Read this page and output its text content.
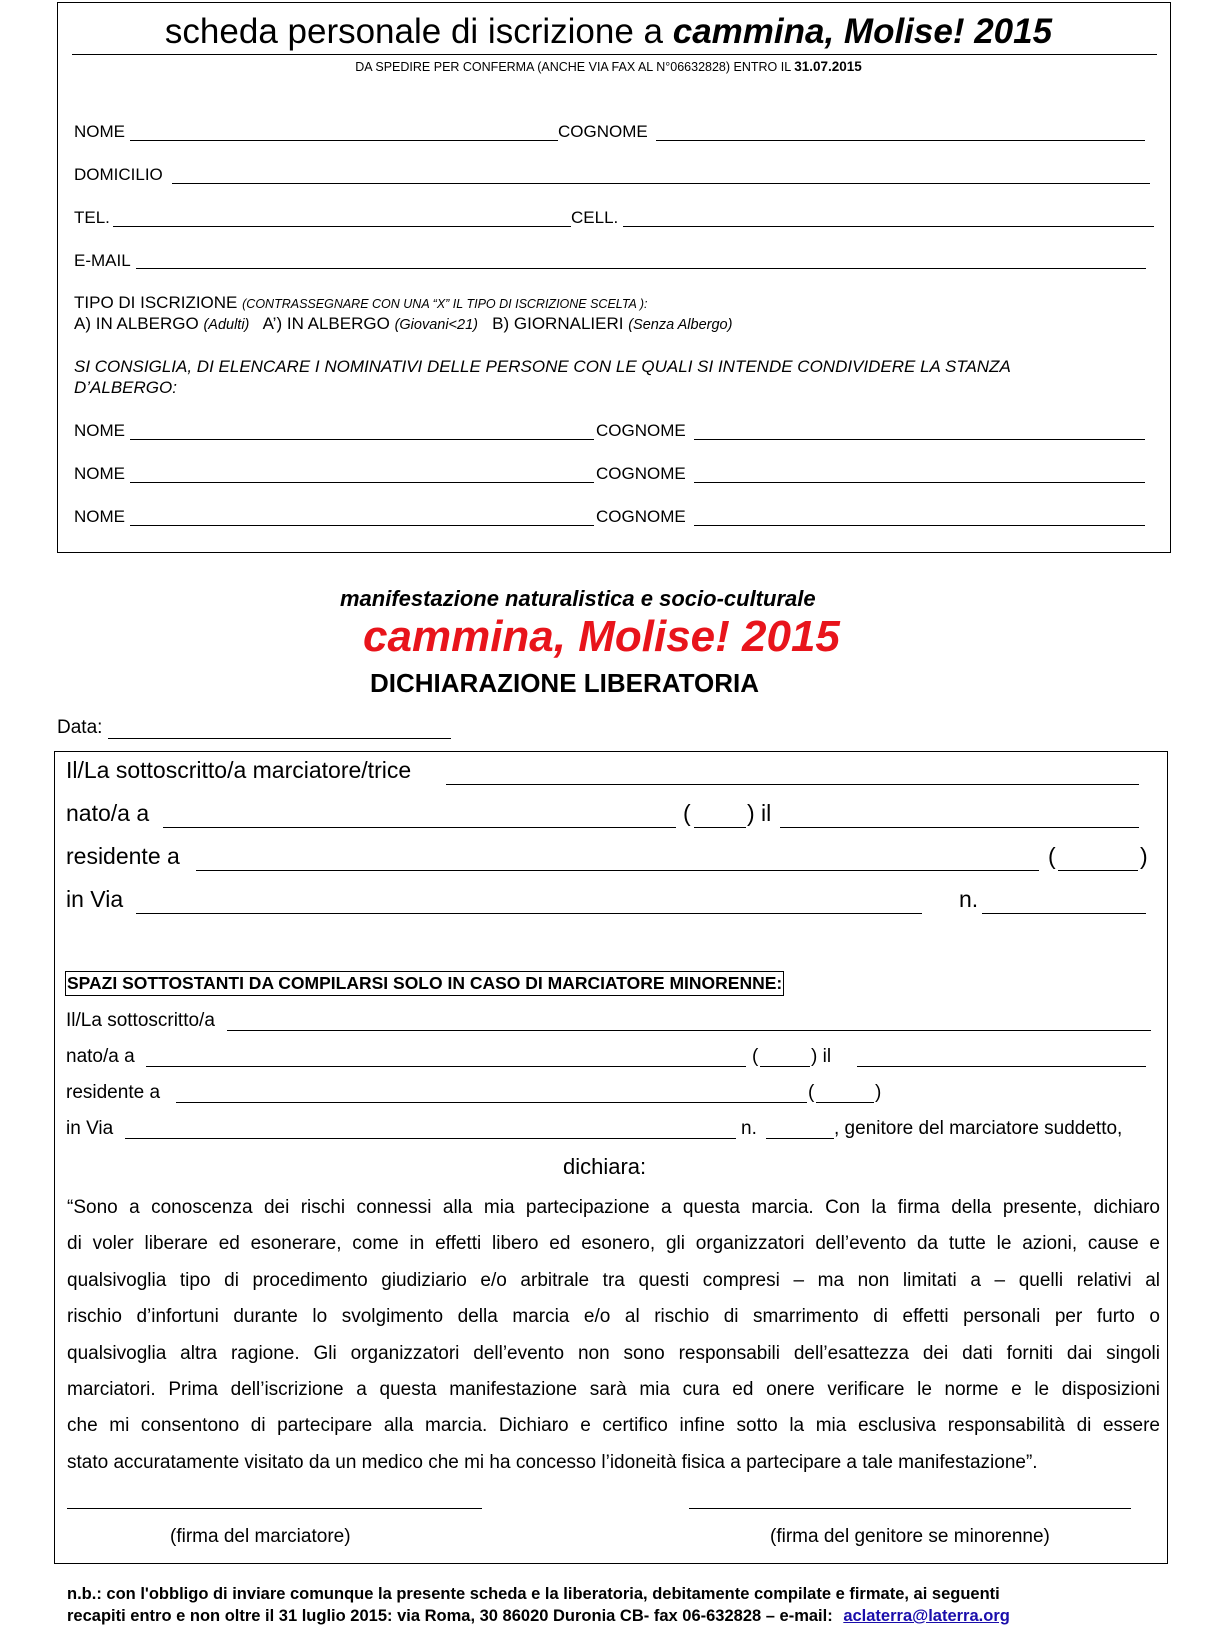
scheda personale di iscrizione a cammina, Molise! 2015
DA SPEDIRE PER CONFERMA (ANCHE VIA FAX AL N°06632828) ENTRO IL 31.07.2015
NOME	COGNOME
DOMICILIO
TEL.	CELL.
E-MAIL
TIPO DI ISCRIZIONE (CONTRASSEGNARE CON UNA “X” IL TIPO DI ISCRIZIONE SCELTA ):
A) IN ALBERGO (Adulti) A’) IN ALBERGO (Giovani<21) B) GIORNALIERI (Senza Albergo)
SI CONSIGLIA, DI ELENCARE I NOMINATIVI DELLE PERSONE CON LE QUALI SI INTENDE CONDIVIDERE LA STANZA
D’ALBERGO:
NOME	COGNOME
NOME	COGNOME
NOME	COGNOME
manifestazione naturalistica e socio-culturale
cammina, Molise! 2015
DICHIARAZIONE LIBERATORIA
Data:
Il/La sottoscritto/a marciatore/trice
nato/a a	( ) il
residente a	(	)
in Via	n.
SPAZI SOTTOSTANTI DA COMPILARSI SOLO IN CASO DI MARCIATORE MINORENNE:
Il/La sottoscritto/a
nato/a a	(	) il
residente a	(	)
in Via	n.	, genitore del marciatore suddetto,
dichiara:
“Sono a conoscenza dei rischi connessi alla mia partecipazione a questa marcia. Con la firma della presente, dichiaro
di voler liberare ed esonerare, come in effetti libero ed esonero, gli organizzatori dell’evento da tutte le azioni, cause e
qualsivoglia tipo di procedimento giudiziario e/o arbitrale tra questi compresi – ma non limitati a – quelli relativi al
rischio d’infortuni durante lo svolgimento della marcia e/o al rischio di smarrimento di effetti personali per furto o
qualsivoglia altra ragione. Gli organizzatori dell’evento non sono responsabili dell’esattezza dei dati forniti dai singoli
marciatori. Prima dell’iscrizione a questa manifestazione sarà mia cura ed onere verificare le norme e le disposizioni
che mi consentono di partecipare alla marcia. Dichiaro e certifico infine sotto la mia esclusiva responsabilità di essere
stato accuratamente visitato da un medico che mi ha concesso l’idoneità fisica a partecipare a tale manifestazione”.
(firma del marciatore)	(firma del genitore se minorenne)
n.b.: con l'obbligo di inviare comunque la presente scheda e la liberatoria, debitamente compilate e firmate, ai seguenti
recapiti entro e non oltre il 31 luglio 2015: via Roma, 30 86020 Duronia CB- fax 06-632828 – e-mail: aclaterra@laterra.org
